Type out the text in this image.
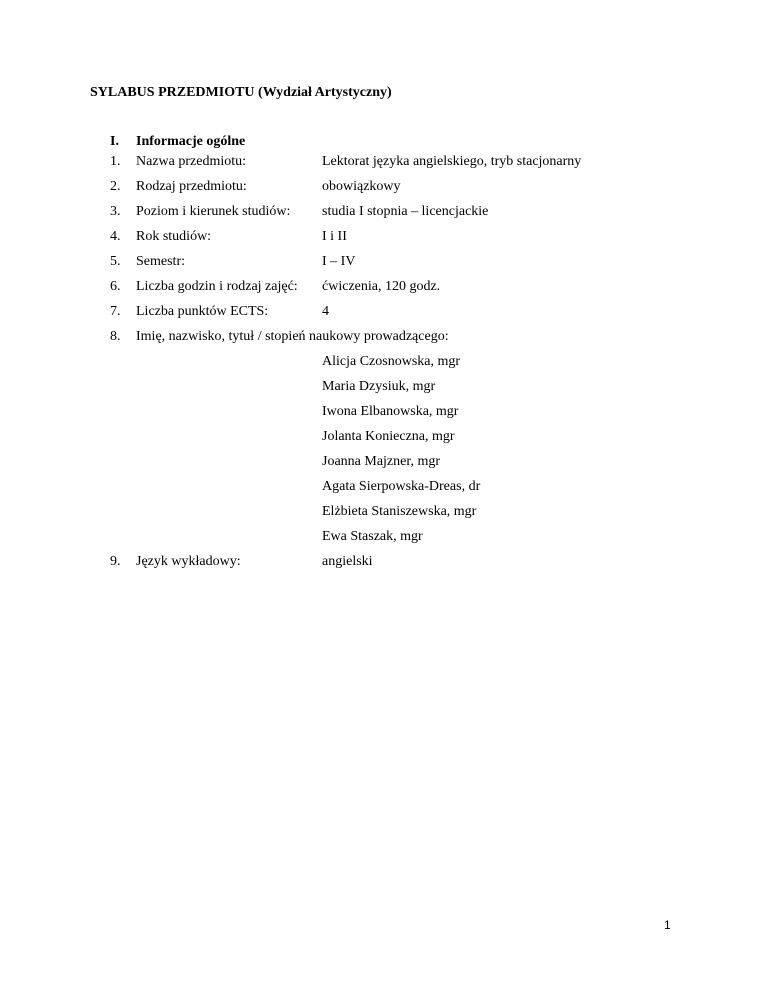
SYLABUS PRZEDMIOTU (Wydział Artystyczny)
I. Informacje ogólne
1.	Nazwa przedmiotu:	Lektorat języka angielskiego, tryb stacjonarny
2.	Rodzaj przedmiotu:	obowiązkowy
3.	Poziom i kierunek studiów: studia I stopnia – licencjackie
4.	Rok studiów:	I i II
5.	Semestr:	I – IV
6.	Liczba godzin i rodzaj zajęć: ćwiczenia, 120 godz.
7.	Liczba punktów ECTS:	4
8.	Imię, nazwisko, tytuł / stopień naukowy prowadzącego:
Alicja Czosnowska, mgr
Maria Dzysiuk, mgr
Iwona Elbanowska, mgr
Jolanta Konieczna, mgr
Joanna Majzner, mgr
Agata Sierpowska-Dreas, dr
Elżbieta Staniszewska, mgr
Ewa Staszak, mgr
9.	Język wykładowy:	angielski
1
